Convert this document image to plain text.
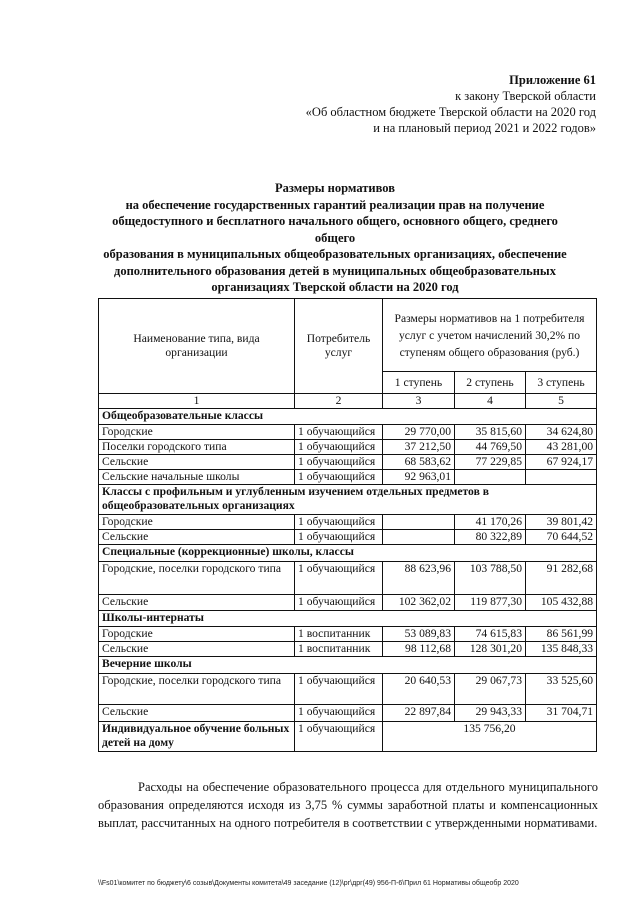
Приложение 61
к закону Тверской области
«Об областном бюджете Тверской области на 2020 год
и на плановый период 2021 и 2022 годов»
Размеры нормативов
на обеспечение государственных гарантий реализации прав на получение
общедоступного и бесплатного начального общего, основного общего, среднего общего
образования в муниципальных общеобразовательных организациях, обеспечение
дополнительного образования детей в муниципальных общеобразовательных
организациях Тверской области на 2020 год
Наименование типа, вида организации	Потребитель услуг	Размеры нормативов на 1 потребителя услуг с учетом начислений 30,2% по ступеням общего образования (руб.)		
		1 ступень	2 ступень	3 ступень
1	2	3	4	5
Общеобразовательные классы				
Городские	1 обучающийся	29 770,00	35 815,60	34 624,80
Поселки городского типа	1 обучающийся	37 212,50	44 769,50	43 281,00
Сельские	1 обучающийся	68 583,62	77 229,85	67 924,17
Сельские начальные школы	1 обучающийся	92 963,01		
Классы с профильным и углубленным изучением отдельных предметов в общеобразовательных организациях				
Городские	1 обучающийся		41 170,26	39 801,42
Сельские	1 обучающийся		80 322,89	70 644,52
Специальные (коррекционные) школы, классы				
Городские, поселки городского типа	1 обучающийся	88 623,96	103 788,50	91 282,68
Сельские	1 обучающийся	102 362,02	119 877,30	105 432,88
Школы-интернаты				
Городские	1 воспитанник	53 089,83	74 615,83	86 561,99
Сельские	1 воспитанник	98 112,68	128 301,20	135 848,33
Вечерние школы				
Городские, поселки городского типа	1 обучающийся	20 640,53	29 067,73	33 525,60
Сельские	1 обучающийся	22 897,84	29 943,33	31 704,71
Индивидуальное обучение больных детей на дому	1 обучающийся	135 756,20		
Расходы на обеспечение образовательного процесса для отдельного муниципального образования определяются исходя из 3,75 % суммы заработной платы и компенсационных выплат, рассчитанных на одного потребителя в соответствии с утвержденными нормативами.
\\Fs01\комитет по бюджету\6 созыв\Документы комитета\49 заседание (12)\рг\дрг(49) 956-П-6\Прил 61 Нормативы общеобр 2020
